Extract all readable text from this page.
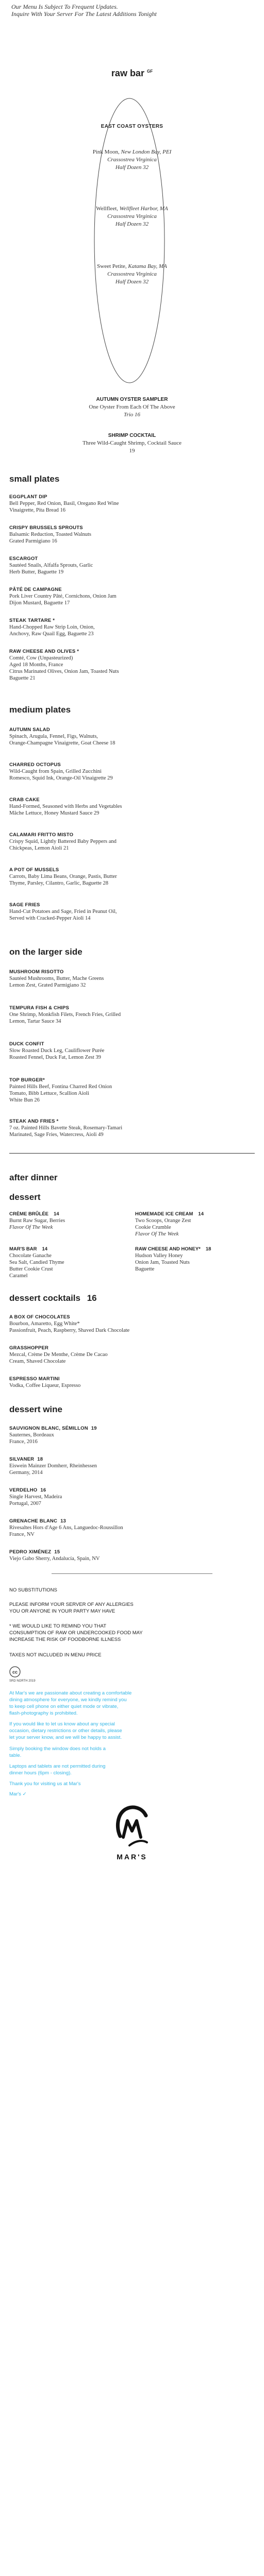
Our Menu Is Subject To Frequent Updates.
Inquire With Your Server For The Latest Additions Tonight
raw bar $^{GF}$
EAST COAST OYSTERS
Pink Moon, New London Bay, PEI
Crassostrea Virginica
Half Dozen 32
Wellfleet, Wellfleet Harbor, MA
Crassostrea Virginica
Half Dozen 32
Sweet Petite, Katama Bay, MA
Crassostrea Virginica
Half Dozen 32
AUTUMN OYSTER SAMPLER
One Oyster From Each Of The Above
Trio 16
SHRIMP COCKTAIL
Three Wild-Caught Shrimp, Cocktail Sauce
19
small plates
EGGPLANT DIP
Bell Pepper, Red Onion, Basil, Oregano Red Wine
Vinaigrette, Pita Bread 16
CRISPY BRUSSELS SPROUTS
Balsamic Reduction, Toasted Walnuts
Grated Parmigiano 16
ESCARGOT
Sautéed Snails, Alfalfa Sprouts, Garlic
Herb Butter, Baguette 19
PÂTÉ DE CAMPAGNE
Pork Liver Country Pâté, Cornichons, Onion Jam
Dijon Mustard, Baguette 17
STEAK TARTARE *
Hand-Chopped Raw Strip Loin, Onion,
Anchovy, Raw Quail Egg, Baguette 23
RAW CHEESE AND OLIVES *
Comté, Cow (Unpasteurized)
Aged 18 Months, France
Citrus Marinated Olives, Onion Jam, Toasted Nuts
Baguette 21
medium plates
AUTUMN SALAD
Spinach, Arugula, Fennel, Figs, Walnuts,
Orange-Champagne Vinaigrette, Goat Cheese 18
CHARRED OCTOPUS
Wild-Caught from Spain, Grilled Zucchini
Romesco, Squid Ink, Orange-Oil Vinaigrette 29
CRAB CAKE
Hand-Formed, Seasoned with Herbs and Vegetables
Mâche Lettuce, Honey Mustard Sauce 29
CALAMARI FRITTO MISTO
Crispy Squid, Lightly Battered Baby Peppers and
Chickpeas, Lemon Aioli 21
A POT OF MUSSELS
Carrots, Baby Lima Beans, Orange, Pastis, Butter
Thyme, Parsley, Cilantro, Garlic, Baguette 28
SAGE FRIES
Hand-Cut Potatoes and Sage, Fried in Peanut Oil,
Served with Cracked-Pepper Aioli 14
on the larger side
MUSHROOM RISOTTO
Sautéed Mushrooms, Butter, Mache Greens
Lemon Zest, Grated Parmigiano 32
TEMPURA FISH & CHIPS
One Shrimp, Monkfish Filets, French Fries, Grilled
Lemon, Tartar Sauce 34
DUCK CONFIT
Slow Roasted Duck Leg, Cauliflower Purée
Roasted Fennel, Duck Fat, Lemon Zest 39
TOP BURGER*
Painted Hills Beef, Fontina Charred Red Onion
Tomato, Bibb Lettuce, Scallion Aioli
White Bun 26
STEAK AND FRIES *
7 oz. Painted Hills Bavette Steak, Rosemary-Tamari
Marinated, Sage Fries, Watercress, Aioli 49
after dinner
dessert
CRÈME BRÛLÉE 14
Burnt Raw Sugar, Berries
Flavor Of The Week
HOMEMADE ICE CREAM 14
Two Scoops, Orange Zest
Cookie Crumble
Flavor Of The Week
MAR'S BAR 14
Chocolate Ganache
Sea Salt, Candied Thyme
Butter Cookie Crust
Caramel
RAW CHEESE AND HONEY* 18
Hudson Valley Honey
Onion Jam, Toasted Nuts
Baguette
dessert cocktails 16
A BOX OF CHOCOLATES
Bourbon, Amaretto, Egg White*
Passionfruit, Peach, Raspberry, Shaved Dark Chocolate
GRASSHOPPER
Mezcal, Crème De Menthe, Crème De Cacao
Cream, Shaved Chocolate
ESPRESSO MARTINI
Vodka, Coffee Liqueur, Espresso
dessert wine
SAUVIGNON BLANC, SÉMILLON 19
Sauternes, Bordeaux
France, 2016
SILVANER 18
Eiswein Mainzer Domherr, Rheinhessen
Germany, 2014
VERDELHO 16
Single Harvest, Madeira
Portugal, 2007
GRENACHE BLANC 13
Rivesaltes Hors d'Age 6 Ans, Languedoc-Roussillon
France, NV
PEDRO XIMÉNEZ 15
Viejo Gabo Sherry, Andalucía, Spain, NV
NO SUBSTITUTIONS
PLEASE INFORM YOUR SERVER OF ANY ALLERGIES
YOU OR ANYONE IN YOUR PARTY MAY HAVE
* WE WOULD LIKE TO REMIND YOU THAT
CONSUMPTION OF RAW OR UNDERCOOKED FOOD MAY
INCREASE THE RISK OF FOODBORNE ILLNESS
TAXES NOT INCLUDED IN MENU PRICE
cc
SRD NORTH 2019
At Mar's we are passionate about creating a comfortable
dining atmosphere for everyone, we kindly remind you
to keep cell phone on either quiet mode or vibrate,
flash-photography is prohibited.
If you would like to let us know about any special
occasion, dietary restrictions or other details, please
let your server know, and we will be happy to assist.
Simply booking the window does not holds a
table.
Laptops and tablets are not permitted during
dinner hours (6pm - closing).
Thank you for visiting us at Mar's
Mar's ✓
MAR'S
